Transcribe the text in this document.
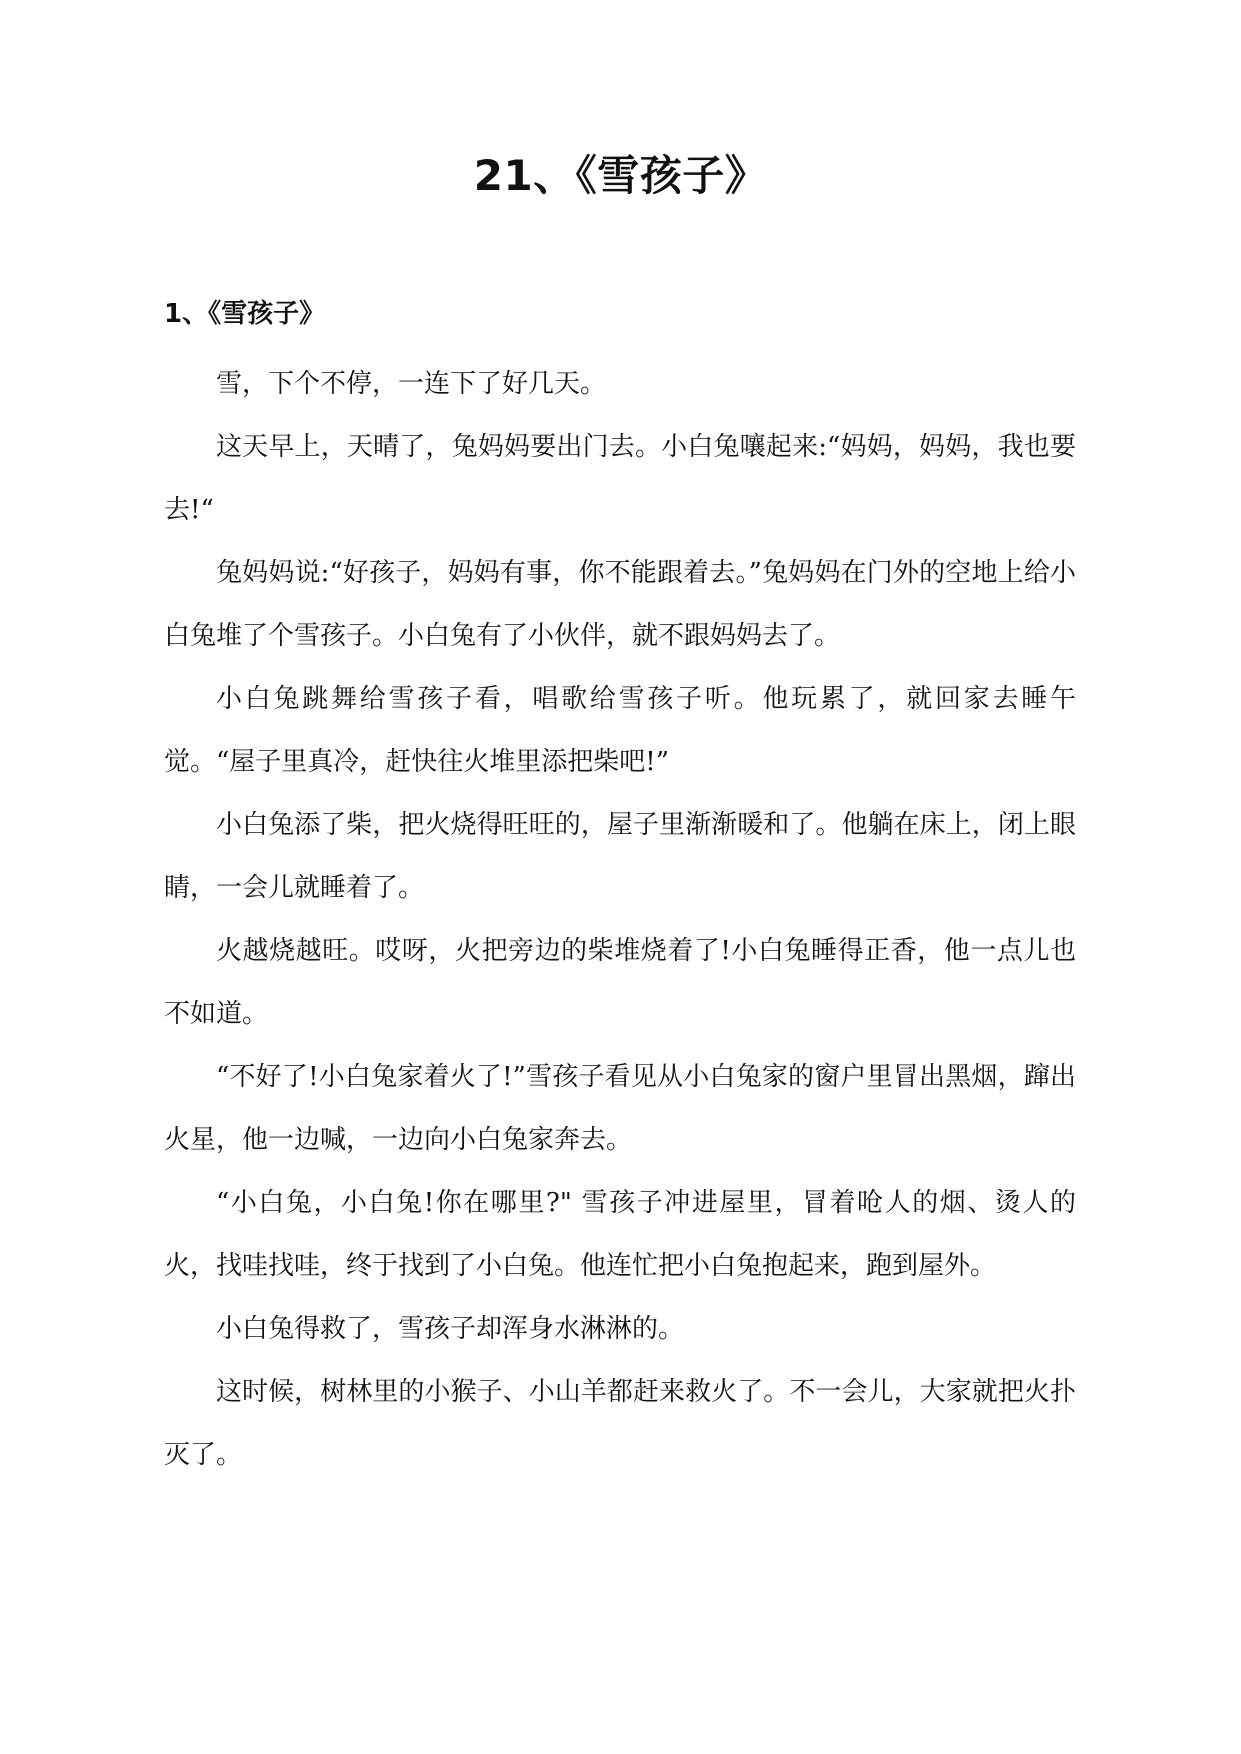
21、《雪孩子》
1、《雪孩子》

雪，下个不停，一连下了好几天。

这天早上，天晴了，兔妈妈要出门去。小白兔嚷起来:“妈妈，妈妈，我也要去!“

兔妈妈说:“好孩子，妈妈有事，你不能跟着去。”兔妈妈在门外的空地上给小白兔堆了个雪孩子。小白兔有了小伙伴，就不跟妈妈去了。

小白兔跳舞给雪孩子看，唱歌给雪孩子听。他玩累了，就回家去睡午觉。“屋子里真冷，赶快往火堆里添把柴吧!”

小白兔添了柴，把火烧得旺旺的，屋子里渐渐暖和了。他躺在床上，闭上眼睛，一会儿就睡着了。

火越烧越旺。哎呀，火把旁边的柴堆烧着了!小白兔睡得正香，他一点儿也不如道。

“不好了!小白兔家着火了!”雪孩子看见从小白兔家的窗户里冒出黑烟，蹿出火星，他一边喊，一边向小白兔家奔去。

“小白兔，小白兔!你在哪里?" 雪孩子冲进屋里，冒着呛人的烟、烫人的火，找哇找哇，终于找到了小白兔。他连忙把小白兔抱起来，跑到屋外。

小白兔得救了，雪孩子却浑身水淋淋的。

这时候，树林里的小猴子、小山羊都赶来救火了。不一会儿，大家就把火扑灭了。
